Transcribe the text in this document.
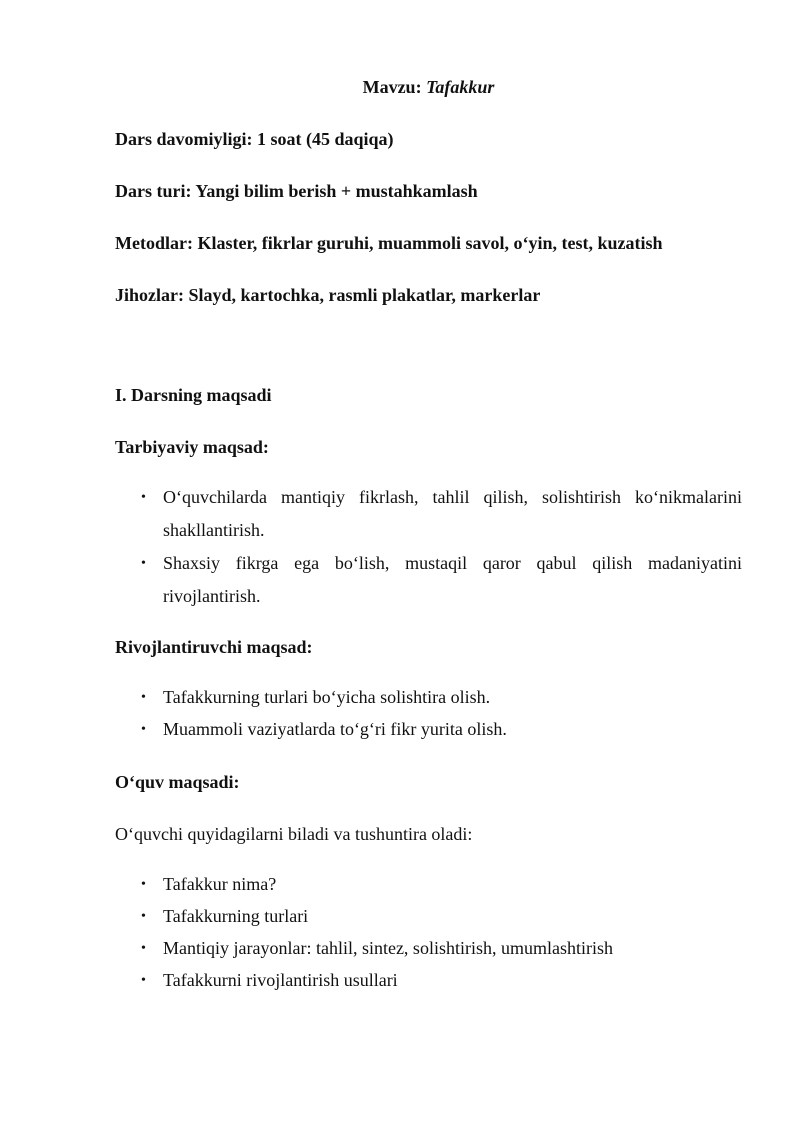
Mavzu: Tafakkur
Dars davomiyligi: 1 soat (45 daqiqa)
Dars turi: Yangi bilim berish + mustahkamlash
Metodlar: Klaster, fikrlar guruhi, muammoli savol, o‘yin, test, kuzatish
Jihozlar: Slayd, kartochka, rasmli plakatlar, markerlar
I. Darsning maqsadi
Tarbiyaviy maqsad:
• O‘quvchilarda mantiqiy fikrlash, tahlil qilish, solishtirish ko‘nikmalarini shakllantirish.
• Shaxsiy fikrga ega bo‘lish, mustaqil qaror qabul qilish madaniyatini rivojlantirish.
Rivojlantiruvchi maqsad:
• Tafakkurning turlari bo‘yicha solishtira olish.
• Muammoli vaziyatlarda to‘g‘ri fikr yurita olish.
O‘quv maqsadi:
O‘quvchi quyidagilarni biladi va tushuntira oladi:
• Tafakkur nima?
• Tafakkurning turlari
• Mantiqiy jarayonlar: tahlil, sintez, solishtirish, umumlashtirish
• Tafakkurni rivojlantirish usullari
